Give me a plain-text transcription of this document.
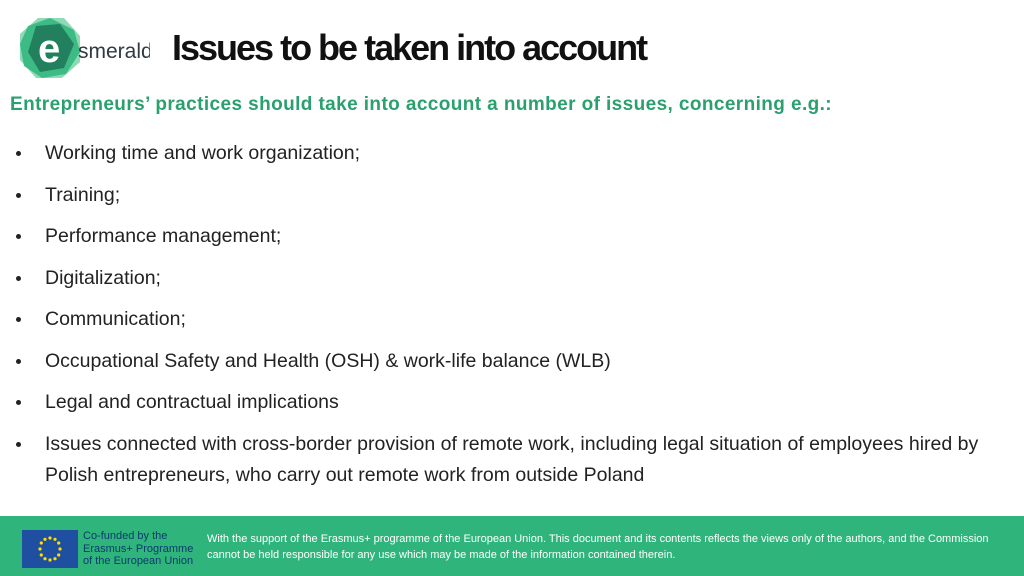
e smerald Issues to be taken into account

Entrepreneurs’ practices should take into account a number of issues, concerning e.g.:

Working time and work organization;
Training;
Performance management;
Digitalization;
Communication;
Occupational Safety and Health (OSH) & work-life balance (WLB)
Legal and contractual implications
Issues connected with cross-border provision of remote work, including legal situation of employees hired by Polish entrepreneurs, who carry out remote work from outside Poland
Co-funded by the
Erasmus+ Programme
of the European Union
With the support of the Erasmus+ programme of the European Union. This document and its contents reflects the views only of the authors, and the Commission cannot be held responsible for any use which may be made of the information contained therein.
